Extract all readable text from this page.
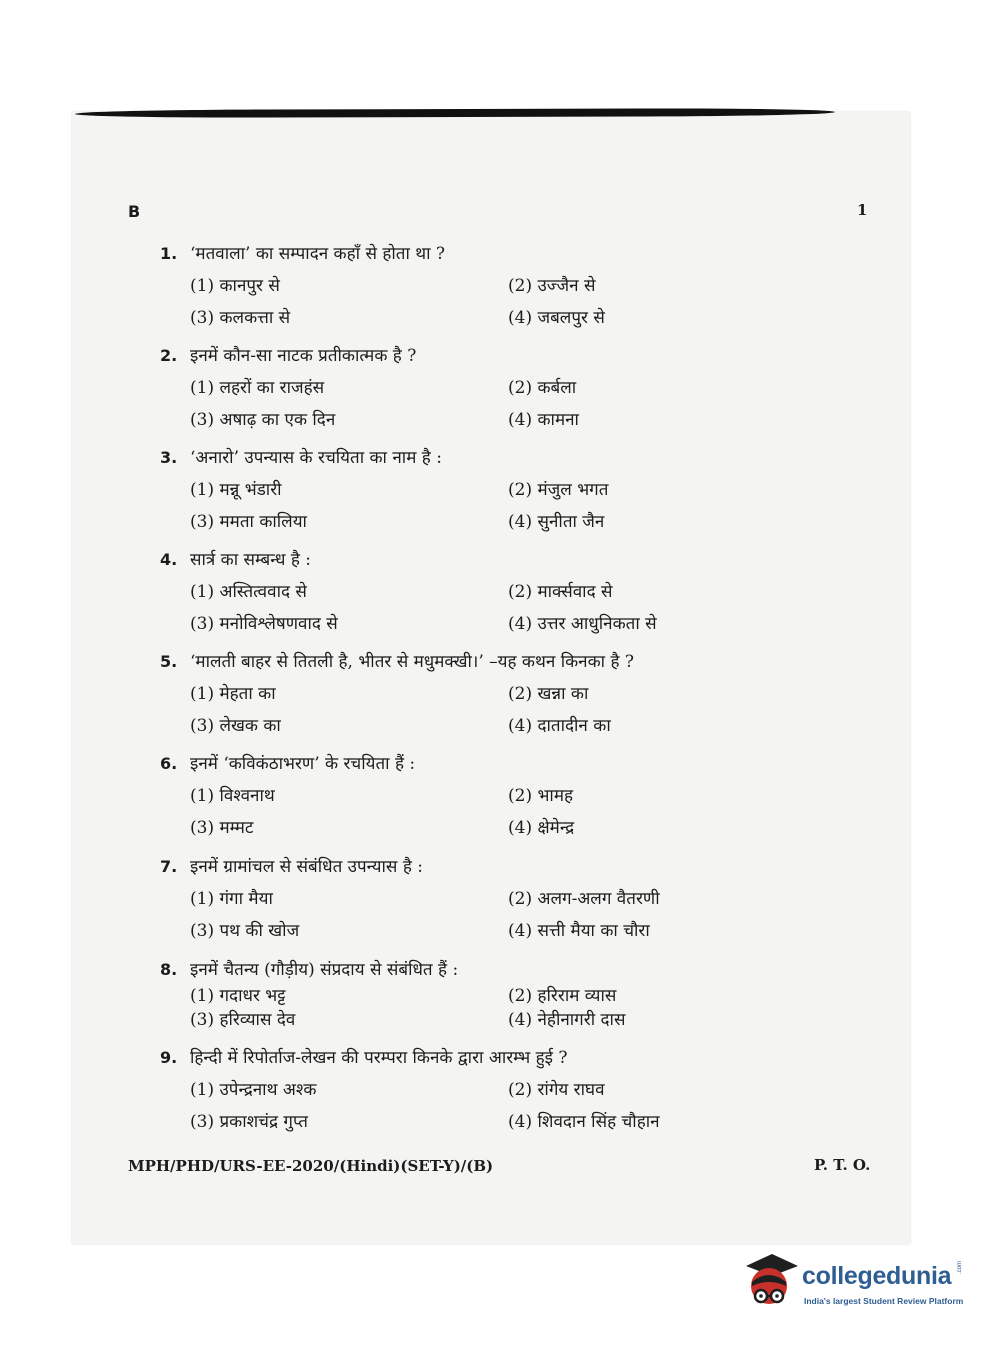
B	1
1. ‘मतवाला’ का सम्पादन कहाँ से होता था ?
(1) कानपुर से	(2) उज्जैन से
(3) कलकत्ता से	(4) जबलपुर से
2. इनमें कौन-सा नाटक प्रतीकात्मक है ?
(1) लहरों का राजहंस	(2) कर्बला
(3) अषाढ़ का एक दिन	(4) कामना
3. ‘अनारो’ उपन्यास के रचयिता का नाम है :
(1) मन्नू भंडारी	(2) मंजुल भगत
(3) ममता कालिया	(4) सुनीता जैन
4. सार्त्र का सम्बन्ध है :
(1) अस्तित्ववाद से	(2) मार्क्सवाद से
(3) मनोविश्लेषणवाद से	(4) उत्तर आधुनिकता से
5. ‘मालती बाहर से तितली है, भीतर से मधुमक्खी।’ –यह कथन किनका है ?
(1) मेहता का	(2) खन्ना का
(3) लेखक का	(4) दातादीन का
6. इनमें ‘कविकंठाभरण’ के रचयिता हैं :
(1) विश्वनाथ	(2) भामह
(3) मम्मट	(4) क्षेमेन्द्र
7. इनमें ग्रामांचल से संबंधित उपन्यास है :
(1) गंगा मैया	(2) अलग-अलग वैतरणी
(3) पथ की खोज	(4) सत्ती मैया का चौरा
8. इनमें चैतन्य (गौड़ीय) संप्रदाय से संबंधित हैं :
(1) गदाधर भट्ट	(2) हरिराम व्यास
(3) हरिव्यास देव	(4) नेहीनागरी दास
9. हिन्दी में रिपोर्ताज-लेखन की परम्परा किनके द्वारा आरम्भ हुई ?
(1) उपेन्द्रनाथ अश्क	(2) रांगेय राघव
(3) प्रकाशचंद्र गुप्त	(4) शिवदान सिंह चौहान
MPH/PHD/URS-EE-2020/(Hindi)(SET-Y)/(B)	P. T. O.
collegedunia .com
India's largest Student Review Platform
